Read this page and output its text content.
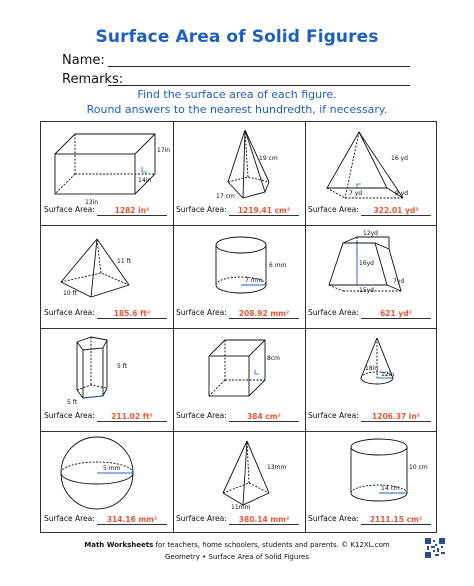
Surface Area of Solid Figures
Name:
Remarks:
Find the surface area of each figure.
Round answers to the nearest hundredth, if necessary.
17in
14in
13in
Surface Area:	1282 in²
19 cm
17 cm
Surface Area:	1219.41 cm²
16 yd
7 yd	9 yd
Surface Area:	322.01 yd²
11 ft
10 ft
Surface Area:	185.6 ft²
7 mm
6 mm
Surface Area:	208.92 mm²
12yd
16yd
7yd
15yd
Surface Area:	621 yd²
5 ft
5 ft
Surface Area:	211.02 ft²
8cm
Surface Area:	384 cm²
18in
12in
Surface Area:	1206.37 in²
5 mm
Surface Area:	314.16 mm²
13mm
11mm
Surface Area:	380.14 mm²
10 cm
14 cm
Surface Area:	2111.15 cm²
Math Worksheets for teachers, home schoolers, students and parents. © K12XL.com
Geometry • Surface Area of Solid Figures
